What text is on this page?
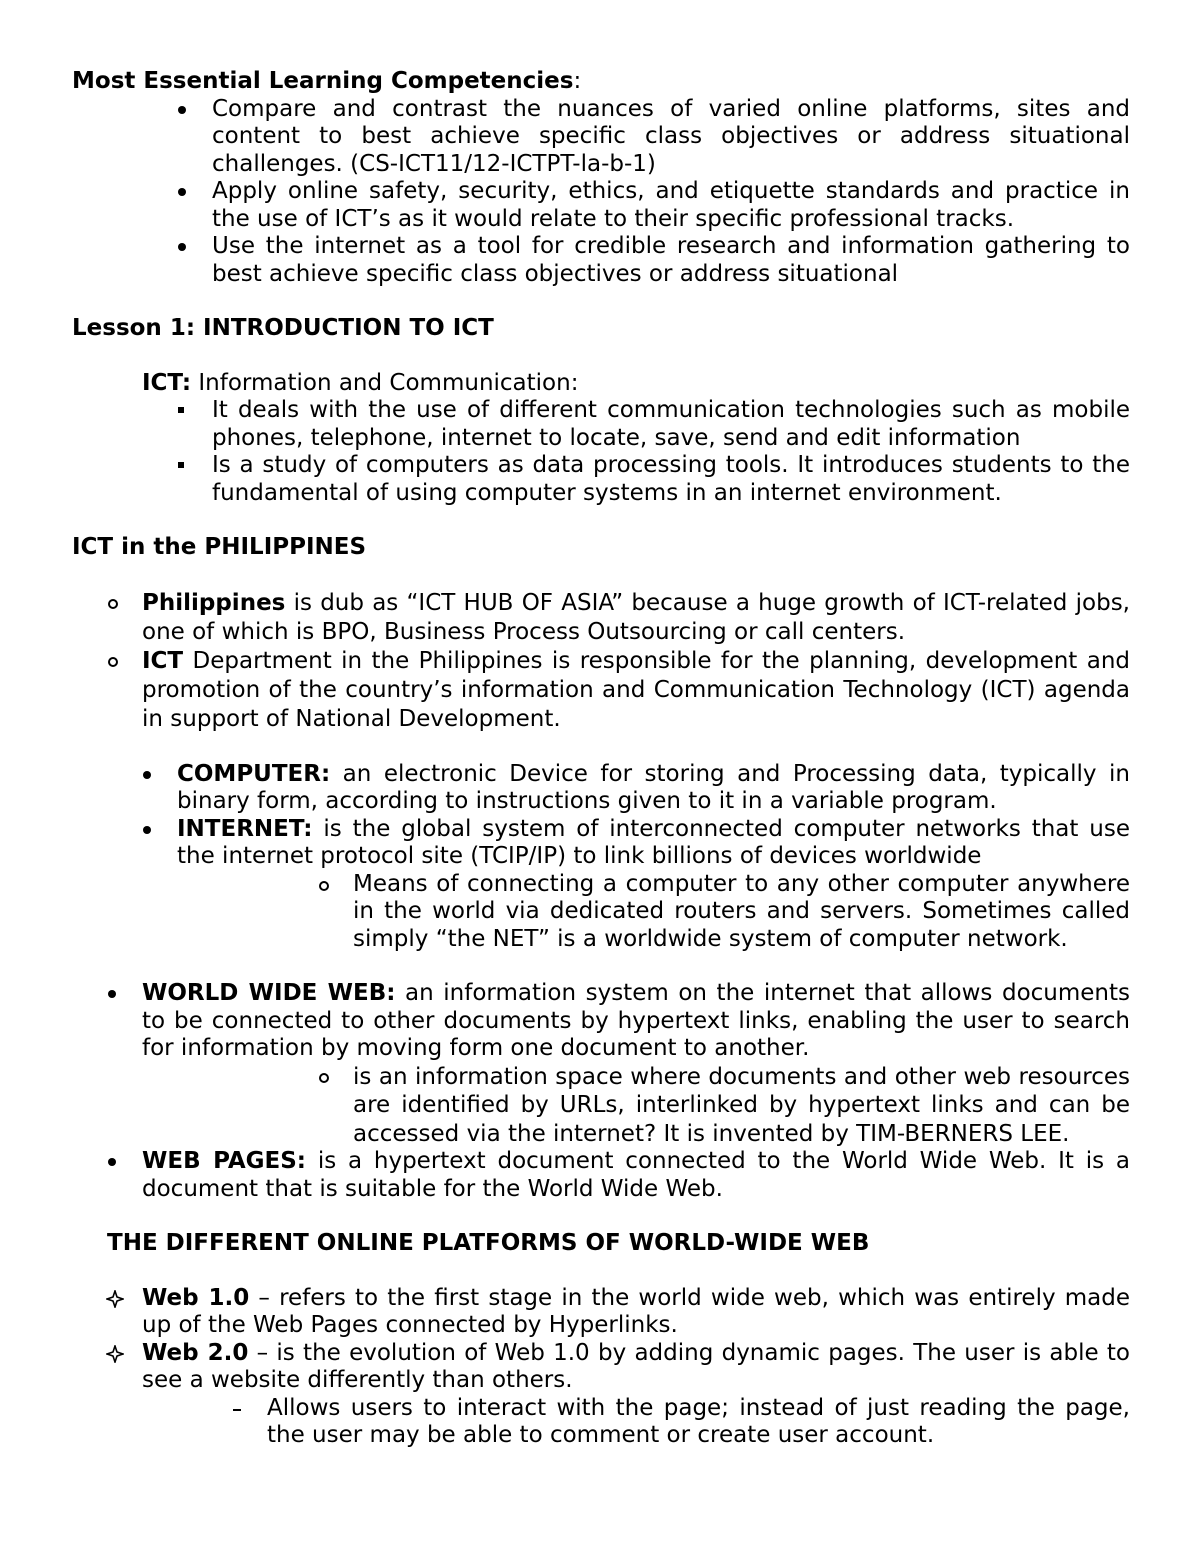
Most Essential Learning Competencies:
Compare and contrast the nuances of varied online platforms, sites and content to best achieve specific class objectives or address situational challenges. (CS-ICT11/12-ICTPT-la-b-1)
Apply online safety, security, ethics, and etiquette standards and practice in the use of ICT’s as it would relate to their specific professional tracks.
Use the internet as a tool for credible research and information gathering to best achieve specific class objectives or address situational
Lesson 1: INTRODUCTION TO ICT
ICT: Information and Communication:
It deals with the use of different communication technologies such as mobile phones, telephone, internet to locate, save, send and edit information
Is a study of computers as data processing tools. It introduces students to the fundamental of using computer systems in an internet environment.
ICT in the PHILIPPINES
Philippines is dub as “ICT HUB OF ASIA” because a huge growth of ICT-related jobs, one of which is BPO, Business Process Outsourcing or call centers.
ICT Department in the Philippines is responsible for the planning, development and promotion of the country’s information and Communication Technology (ICT) agenda in support of National Development.
COMPUTER: an electronic Device for storing and Processing data, typically in binary form, according to instructions given to it in a variable program.
INTERNET: is the global system of interconnected computer networks that use the internet protocol site (TCIP/IP) to link billions of devices worldwide
Means of connecting a computer to any other computer anywhere in the world via dedicated routers and servers. Sometimes called simply “the NET” is a worldwide system of computer network.
WORLD WIDE WEB: an information system on the internet that allows documents to be connected to other documents by hypertext links, enabling the user to search for information by moving form one document to another.
is an information space where documents and other web resources are identified by URLs, interlinked by hypertext links and can be accessed via the internet? It is invented by TIM-BERNERS LEE.
WEB PAGES: is a hypertext document connected to the World Wide Web. It is a document that is suitable for the World Wide Web.
THE DIFFERENT ONLINE PLATFORMS OF WORLD-WIDE WEB
Web 1.0 – refers to the first stage in the world wide web, which was entirely made up of the Web Pages connected by Hyperlinks.
Web 2.0 – is the evolution of Web 1.0 by adding dynamic pages. The user is able to see a website differently than others.
Allows users to interact with the page; instead of just reading the page, the user may be able to comment or create user account.
